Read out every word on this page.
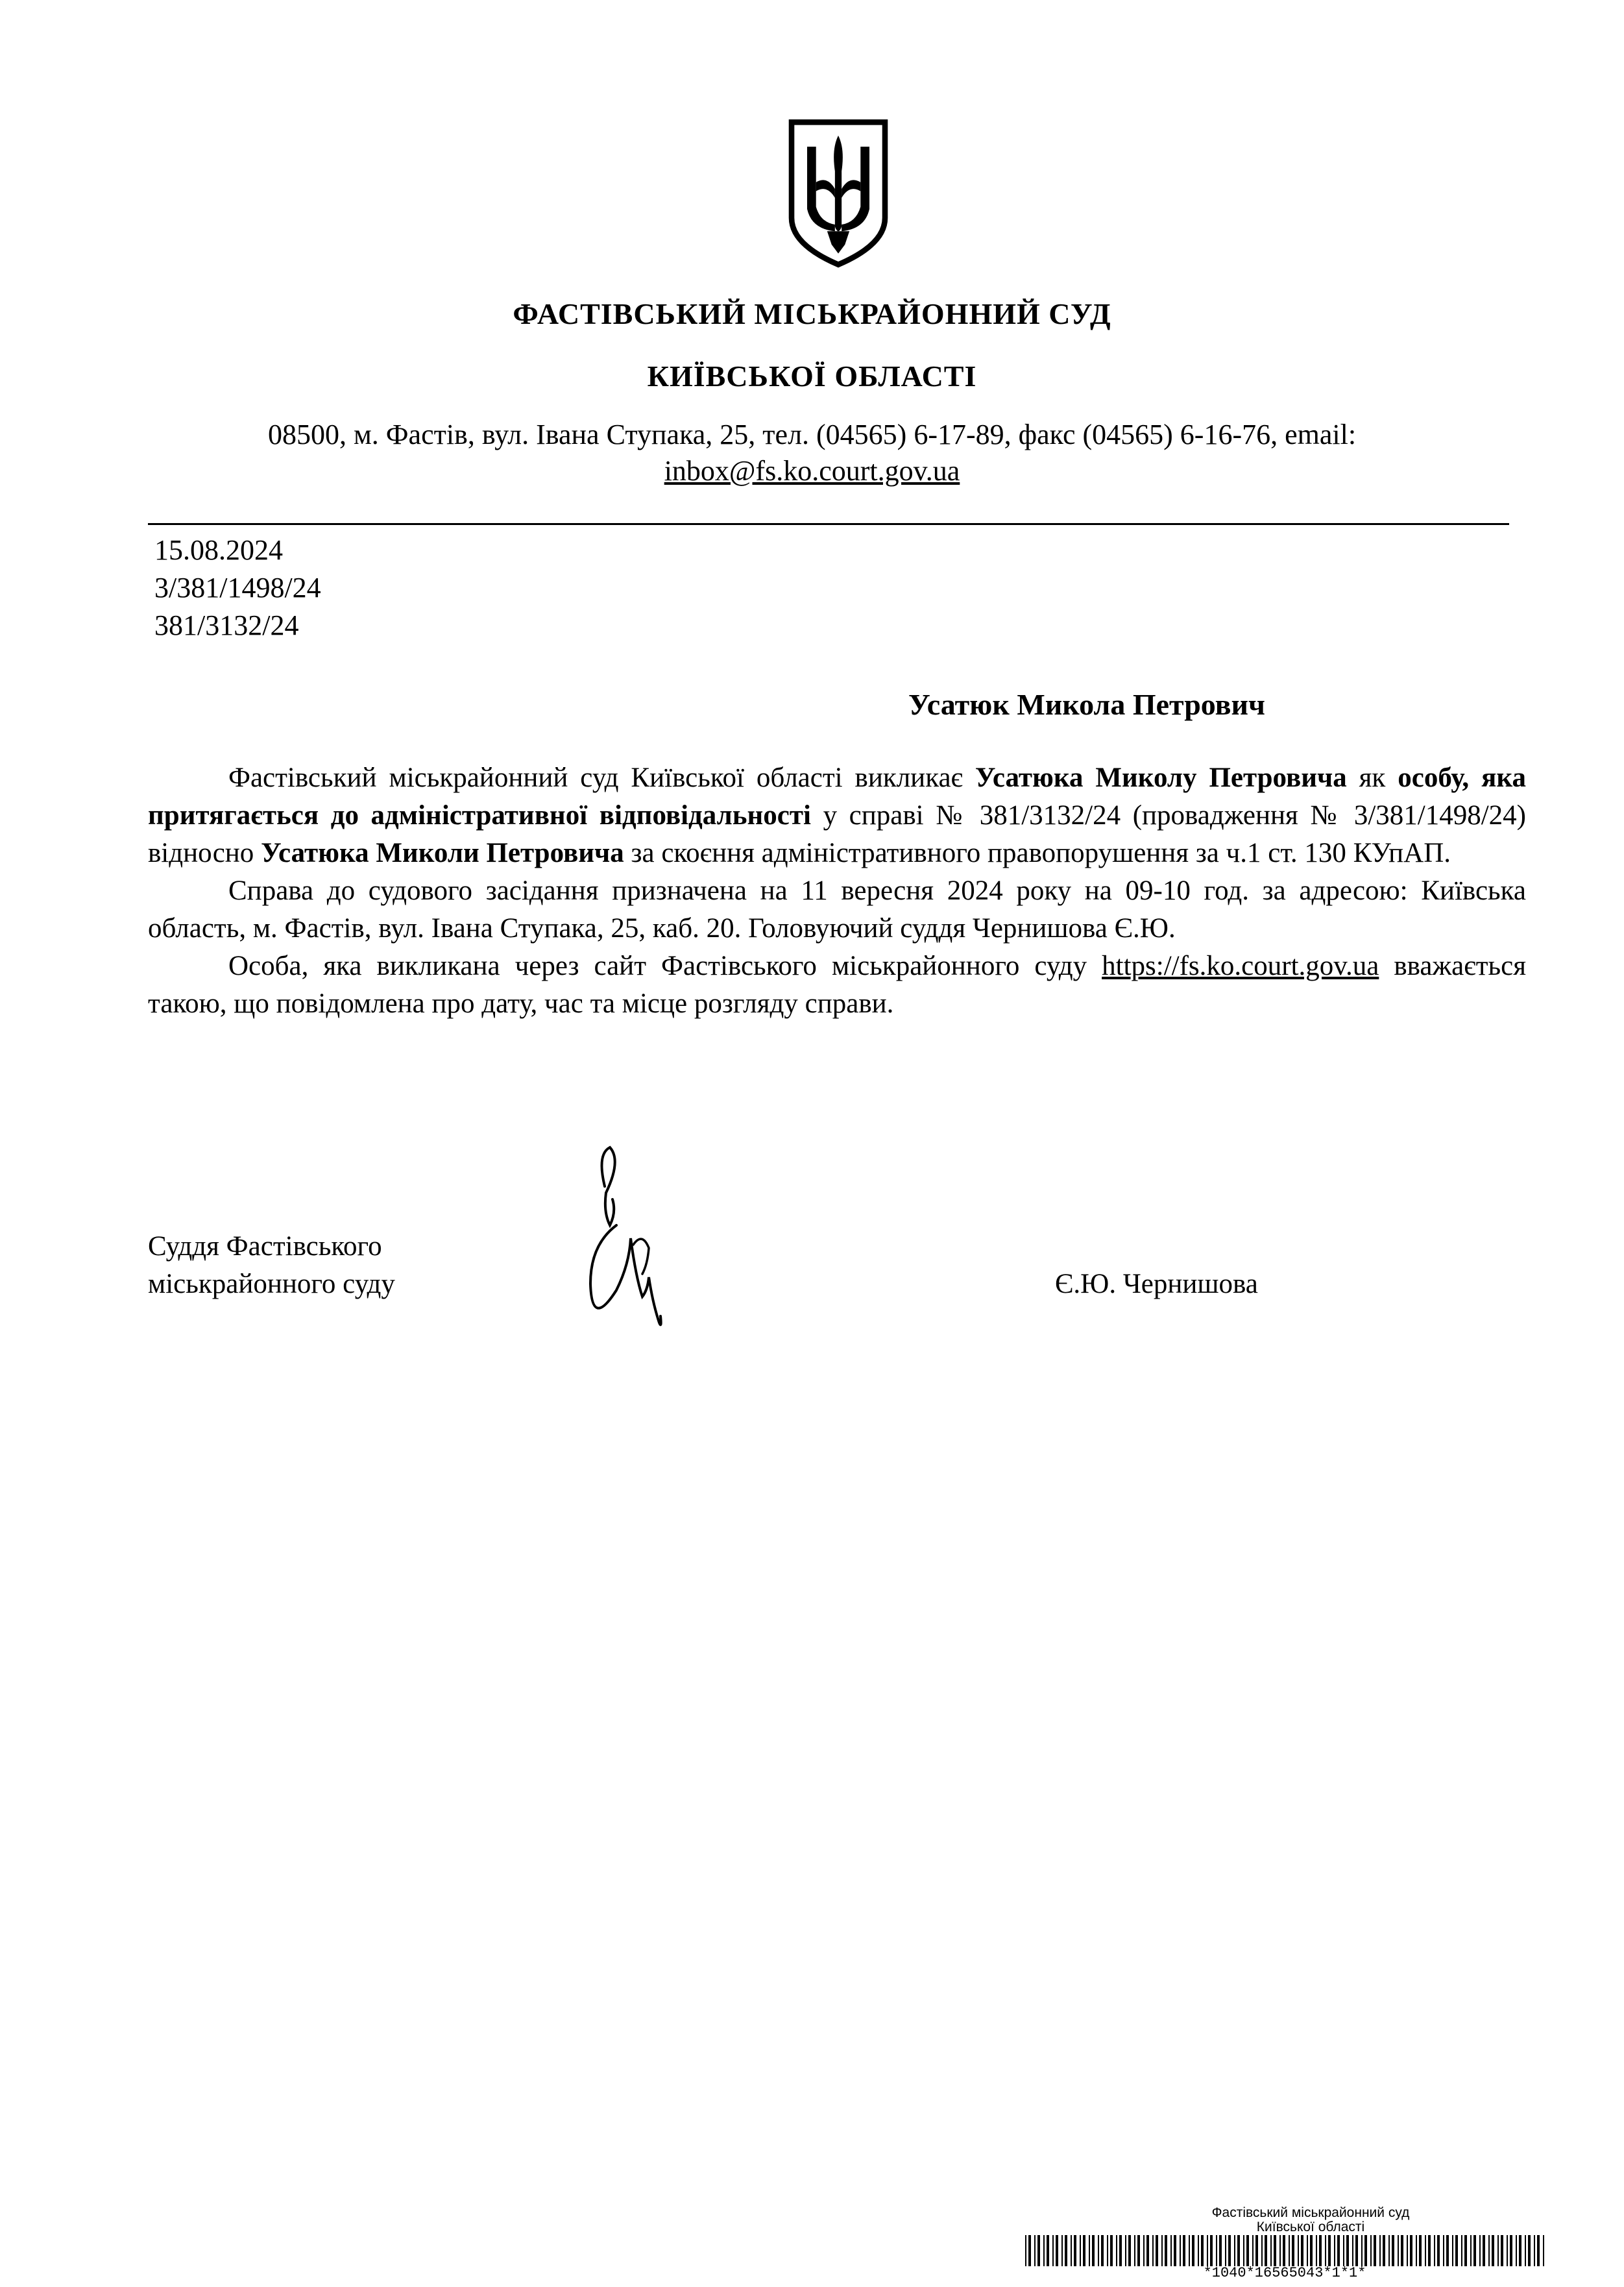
ФАСТІВСЬКИЙ МІСЬКРАЙОННИЙ СУД
КИЇВСЬКОЇ ОБЛАСТІ
08500, м. Фастів, вул. Івана Ступака, 25, тел. (04565) 6-17-89, факс (04565) 6-16-76, email:
inbox@fs.ko.court.gov.ua
15.08.2024
3/381/1498/24
381/3132/24
Усатюк Микола Петрович

Фастівський міськрайонний суд Київської області викликає Усатюка Миколу Петровича як особу, яка притягається до адміністративної відповідальності у справі № 381/3132/24 (провадження № 3/381/1498/24) відносно Усатюка Миколи Петровича за скоєння адміністративного правопорушення за ч.1 ст. 130 КУпАП.

Справа до судового засідання призначена на 11 вересня 2024 року на 09-10 год. за адресою: Київська область, м. Фастів, вул. Івана Ступака, 25, каб. 20. Головуючий суддя Чернишова Є.Ю.

Особа, яка викликана через сайт Фастівського міськрайонного суду https://fs.ko.court.gov.ua вважається такою, що повідомлена про дату, час та місце розгляду справи.

Суддя Фастівського
міськрайонного суду	Є.Ю. Чернишова
Фастівський міськрайонний суд
Київської області
*1040*16565043*1*1*
